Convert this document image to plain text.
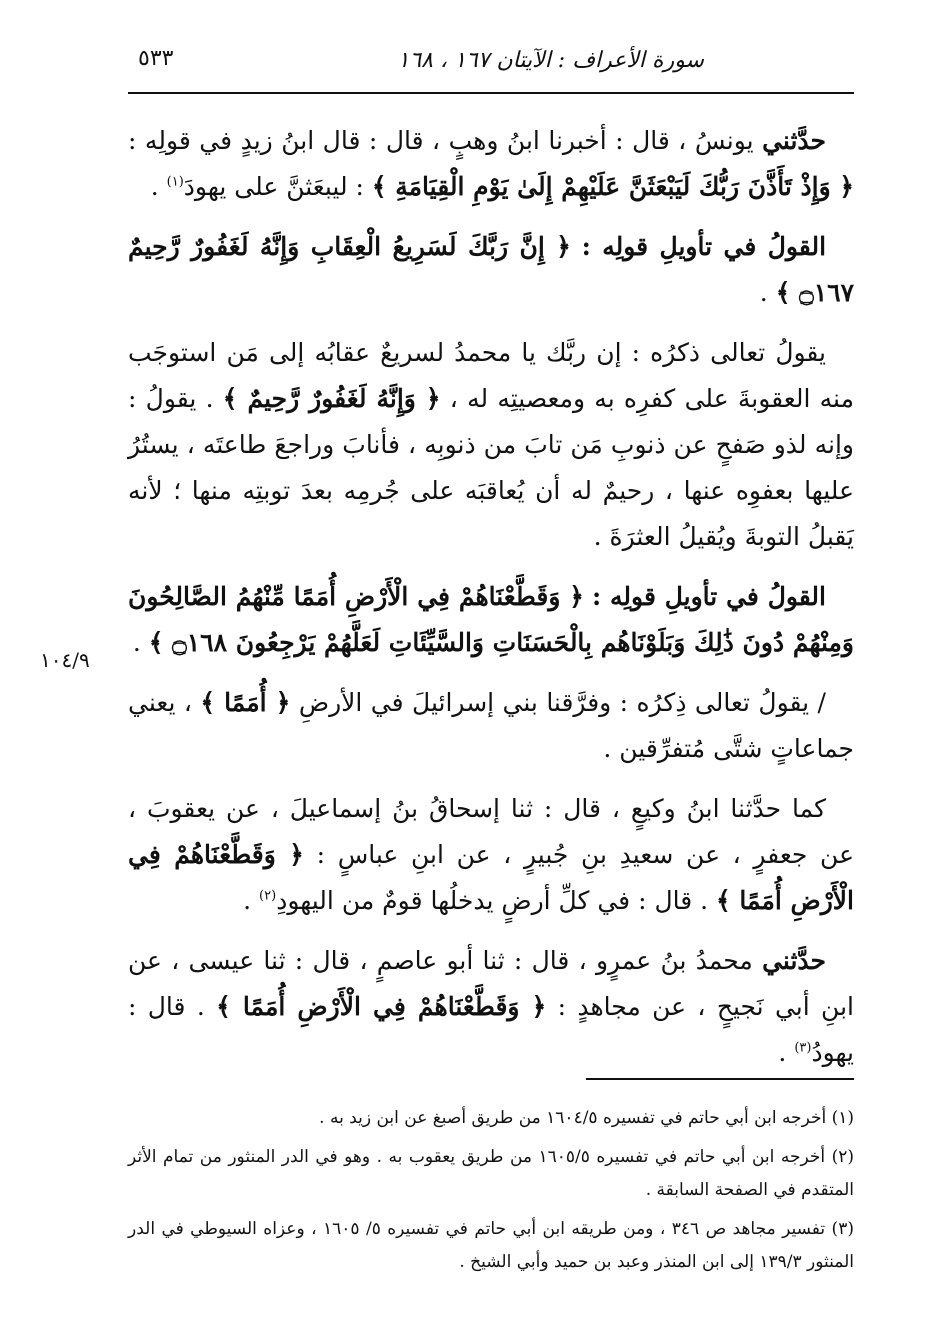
سورة الأعراف : الآيتان ١٦٧ ، ١٦٨
٥٣٣
١٠٤/٩

حدَّثني يونسُ ، قال : أخبرنا ابنُ وهبٍ ، قال : قال ابنُ زيدٍ في قولِه : ﴿ وَإِذْ تَأَذَّنَ رَبُّكَ لَيَبْعَثَنَّ عَلَيْهِمْ إِلَىٰ يَوْمِ الْقِيَامَةِ ﴾ : ليبعَثنَّ على يهودَ$^{(١)}$ .

القولُ في تأويلِ قولِه : ﴿ إِنَّ رَبَّكَ لَسَرِيعُ الْعِقَابِ وَإِنَّهُ لَغَفُورٌ رَّحِيمٌ ۝١٦٧ ﴾ .

يقولُ تعالى ذكرُه : إن ربَّك يا محمدُ لسريعٌ عقابُه إلى مَن استوجَب منه العقوبةَ على كفرِه به ومعصيتِه له ، ﴿ وَإِنَّهُ لَغَفُورٌ رَّحِيمٌ ﴾ . يقولُ : وإنه لذو صَفحٍ عن ذنوبِ مَن تابَ من ذنوبِه ، فأنابَ وراجعَ طاعتَه ، يستُرُ عليها بعفوِه عنها ، رحيمٌ له أن يُعاقبَه على جُرمِه بعدَ توبتِه منها ؛ لأنه يَقبلُ التوبةَ ويُقيلُ العثرَةَ .

القولُ في تأويلِ قولِه : ﴿ وَقَطَّعْنَاهُمْ فِي الْأَرْضِ أُمَمًا مِّنْهُمُ الصَّالِحُونَ وَمِنْهُمْ دُونَ ذَٰلِكَ وَبَلَوْنَاهُم بِالْحَسَنَاتِ وَالسَّيِّئَاتِ لَعَلَّهُمْ يَرْجِعُونَ ۝١٦٨ ﴾ .

/ يقولُ تعالى ذِكرُه : وفرَّقنا بني إسرائيلَ في الأرضِ ﴿ أُمَمًا ﴾ ، يعني جماعاتٍ شتَّى مُتفرِّقين .

كما حدَّثنا ابنُ وكيعٍ ، قال : ثنا إسحاقُ بنُ إسماعيلَ ، عن يعقوبَ ، عن جعفرٍ ، عن سعيدِ بنِ جُبيرٍ ، عن ابنِ عباسٍ : ﴿ وَقَطَّعْنَاهُمْ فِي الْأَرْضِ أُمَمًا ﴾ . قال : في كلِّ أرضٍ يدخلُها قومٌ من اليهودِ$^{(٢)}$ .

حدَّثني محمدُ بنُ عمرٍو ، قال : ثنا أبو عاصمٍ ، قال : ثنا عيسى ، عن ابنِ أبي نَجيحٍ ، عن مجاهدٍ : ﴿ وَقَطَّعْنَاهُمْ فِي الْأَرْضِ أُمَمًا ﴾ . قال : يهودُ$^{(٣)}$ .

(١) أخرجه ابن أبي حاتم في تفسيره ١٦٠٤/٥ من طريق أصبغ عن ابن زيد به .

(٢) أخرجه ابن أبي حاتم في تفسيره ١٦٠٥/٥ من طريق يعقوب به . وهو في الدر المنثور من تمام الأثر المتقدم في الصفحة السابقة .

(٣) تفسير مجاهد ص ٣٤٦ ، ومن طريقه ابن أبي حاتم في تفسيره ٥/ ١٦٠٥ ، وعزاه السيوطي في الدر المنثور ١٣٩/٣ إلى ابن المنذر وعبد بن حميد وأبي الشيخ .
